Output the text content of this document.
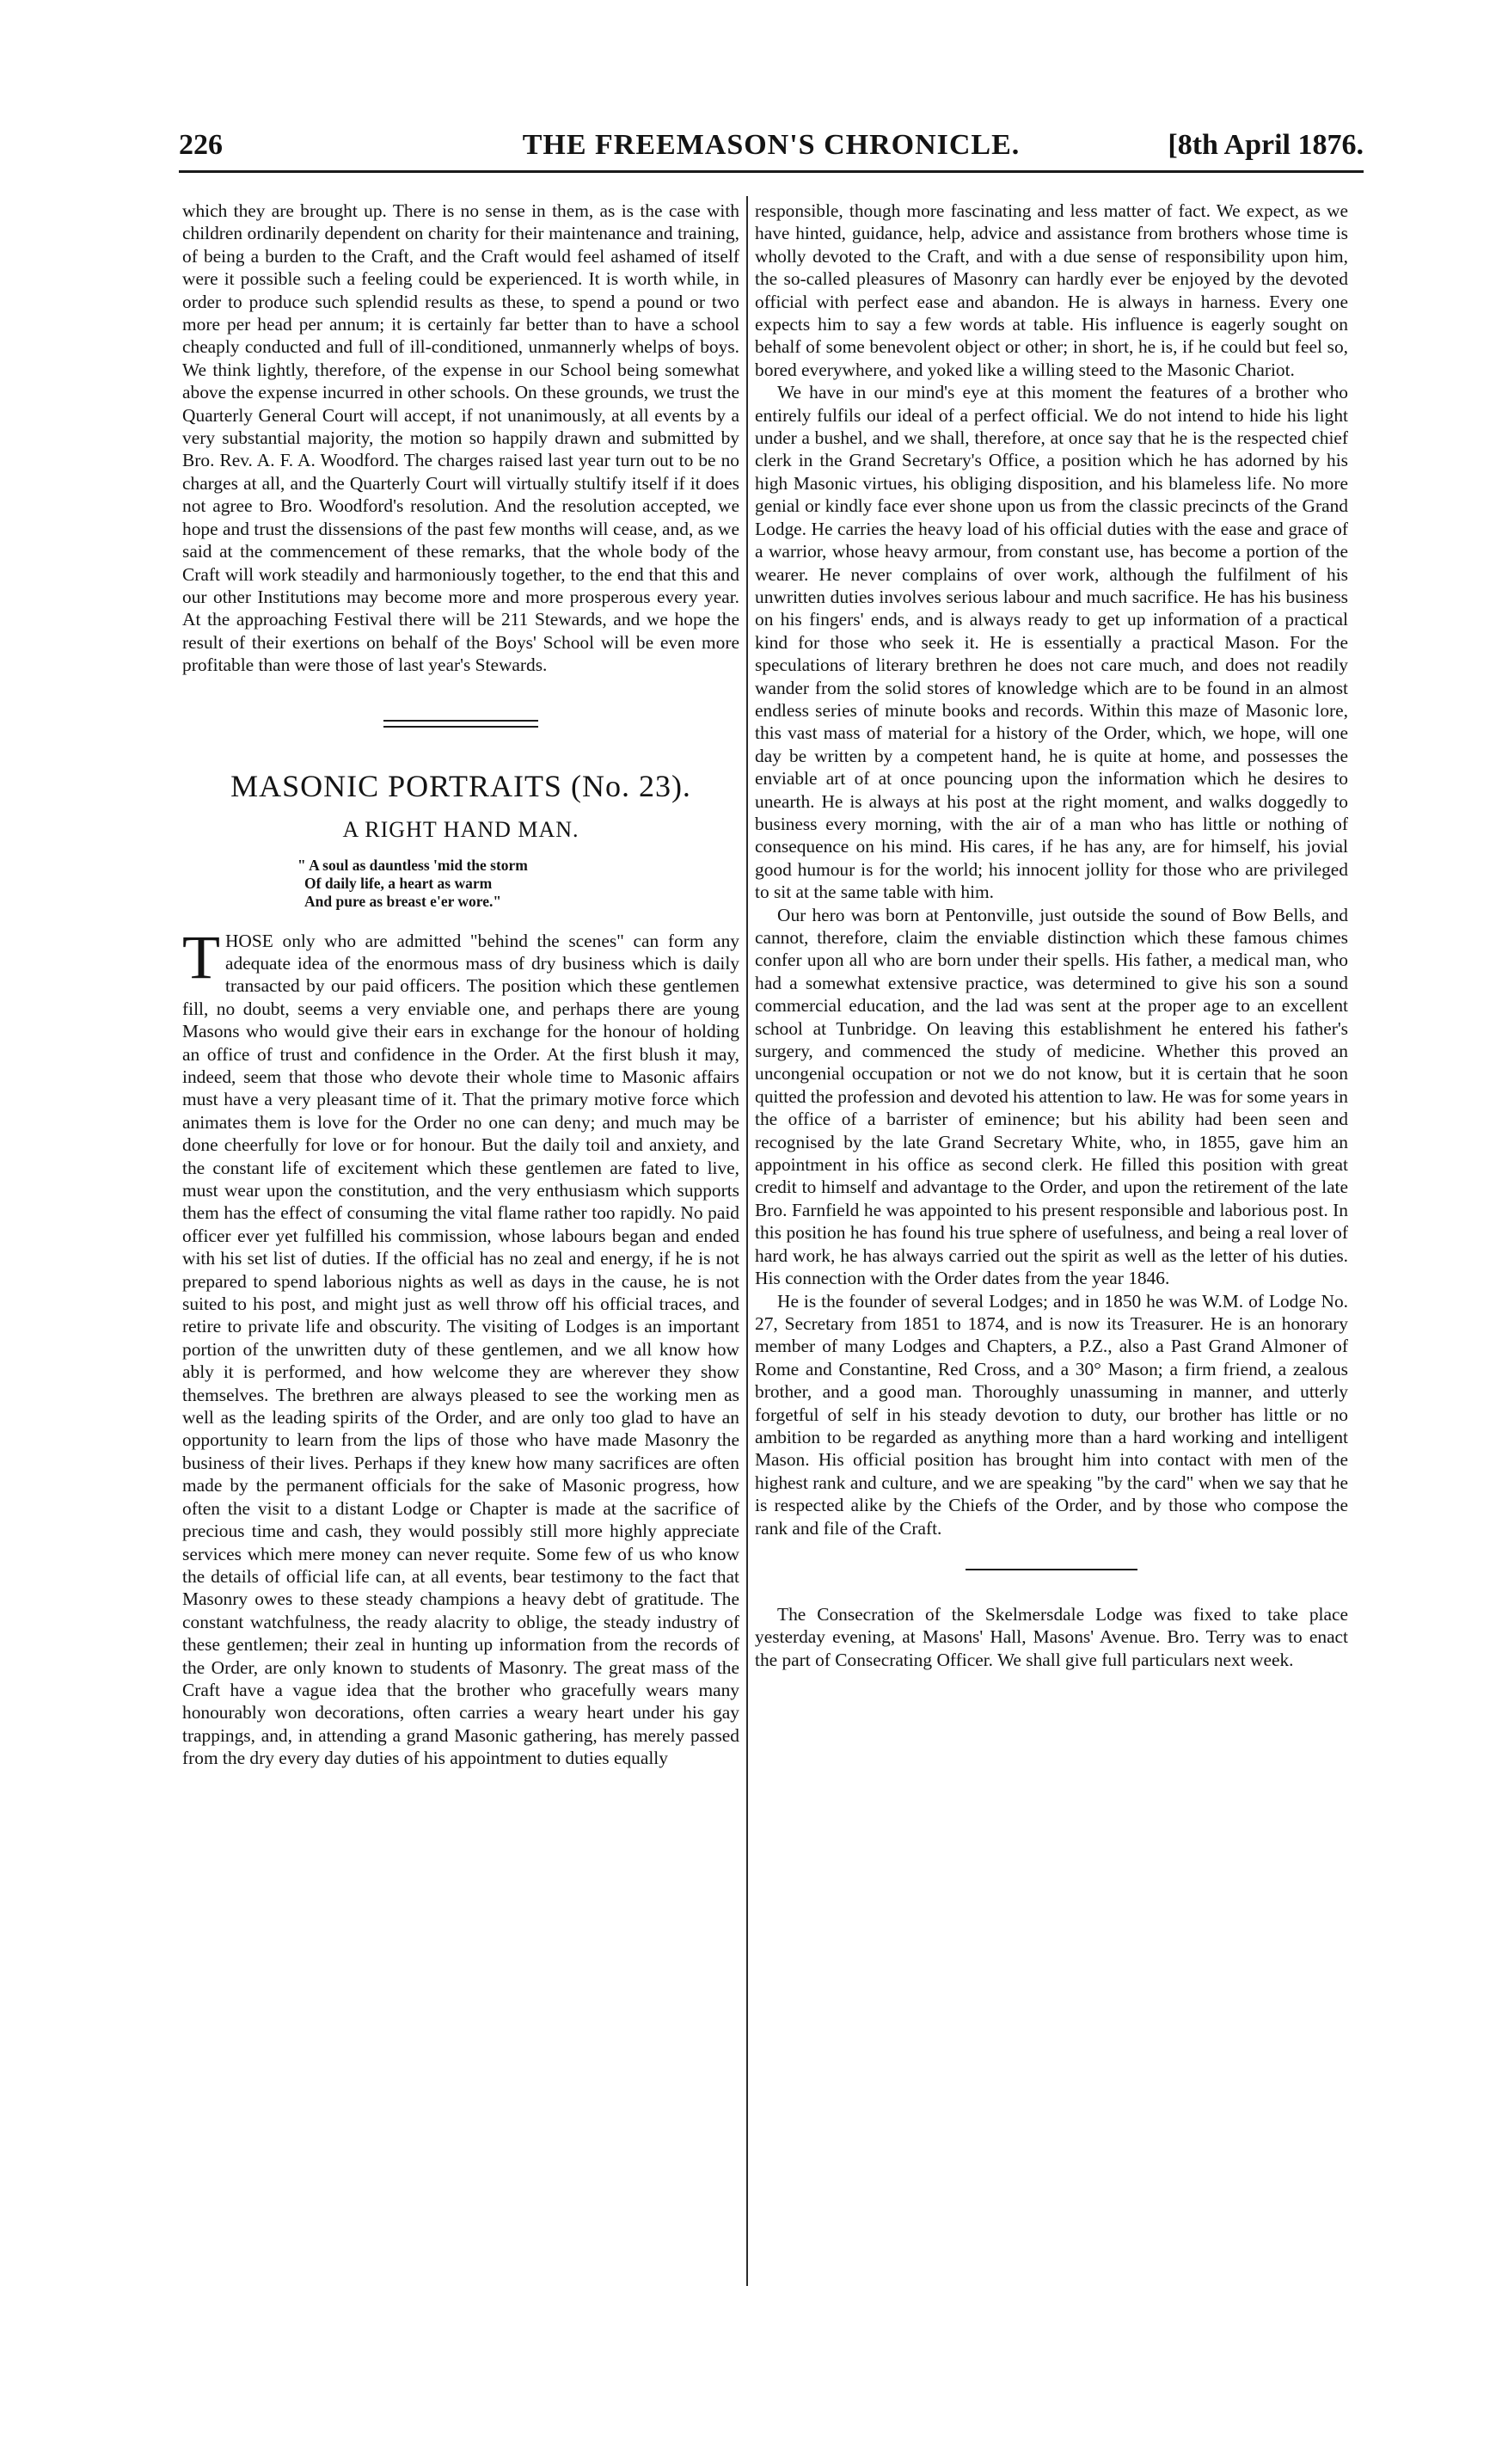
226	THE FREEMASON'S CHRONICLE.	[8th April 1876.

which they are brought up. There is no sense in them, as is the case with children ordinarily dependent on charity for their maintenance and training, of being a burden to the Craft, and the Craft would feel ashamed of itself were it possible such a feeling could be experienced. It is worth while, in order to produce such splendid results as these, to spend a pound or two more per head per annum; it is certainly far better than to have a school cheaply conducted and full of ill-conditioned, unmannerly whelps of boys. We think lightly, therefore, of the expense in our School being somewhat above the expense incurred in other schools. On these grounds, we trust the Quarterly General Court will accept, if not unanimously, at all events by a very substantial majority, the motion so happily drawn and submitted by Bro. Rev. A. F. A. Woodford. The charges raised last year turn out to be no charges at all, and the Quarterly Court will virtually stultify itself if it does not agree to Bro. Woodford's resolution. And the resolution accepted, we hope and trust the dissensions of the past few months will cease, and, as we said at the commencement of these remarks, that the whole body of the Craft will work steadily and harmoniously together, to the end that this and our other Institutions may become more and more prosperous every year. At the approaching Festival there will be 211 Stewards, and we hope the result of their exertions on behalf of the Boys' School will be even more profitable than were those of last year's Stewards.

MASONIC PORTRAITS (No. 23).
A RIGHT HAND MAN.
" A soul as dauntless 'mid the storm
Of daily life, a heart as warm
And pure as breast e'er wore."

THOSE only who are admitted "behind the scenes" can form any adequate idea of the enormous mass of dry business which is daily transacted by our paid officers. The position which these gentlemen fill, no doubt, seems a very enviable one, and perhaps there are young Masons who would give their ears in exchange for the honour of holding an office of trust and confidence in the Order. At the first blush it may, indeed, seem that those who devote their whole time to Masonic affairs must have a very pleasant time of it. That the primary motive force which animates them is love for the Order no one can deny; and much may be done cheerfully for love or for honour. But the daily toil and anxiety, and the constant life of excitement which these gentlemen are fated to live, must wear upon the constitution, and the very enthusiasm which supports them has the effect of consuming the vital flame rather too rapidly. No paid officer ever yet fulfilled his commission, whose labours began and ended with his set list of duties. If the official has no zeal and energy, if he is not prepared to spend laborious nights as well as days in the cause, he is not suited to his post, and might just as well throw off his official traces, and retire to private life and obscurity. The visiting of Lodges is an important portion of the unwritten duty of these gentlemen, and we all know how ably it is performed, and how welcome they are wherever they show themselves. The brethren are always pleased to see the working men as well as the leading spirits of the Order, and are only too glad to have an opportunity to learn from the lips of those who have made Masonry the business of their lives. Perhaps if they knew how many sacrifices are often made by the permanent officials for the sake of Masonic progress, how often the visit to a distant Lodge or Chapter is made at the sacrifice of precious time and cash, they would possibly still more highly appreciate services which mere money can never requite. Some few of us who know the details of official life can, at all events, bear testimony to the fact that Masonry owes to these steady champions a heavy debt of gratitude. The constant watchfulness, the ready alacrity to oblige, the steady industry of these gentlemen; their zeal in hunting up information from the records of the Order, are only known to students of Masonry. The great mass of the Craft have a vague idea that the brother who gracefully wears many honourably won decorations, often carries a weary heart under his gay trappings, and, in attending a grand Masonic gathering, has merely passed from the dry every day duties of his appointment to duties equally

responsible, though more fascinating and less matter of fact. We expect, as we have hinted, guidance, help, advice and assistance from brothers whose time is wholly devoted to the Craft, and with a due sense of responsibility upon him, the so-called pleasures of Masonry can hardly ever be enjoyed by the devoted official with perfect ease and abandon. He is always in harness. Every one expects him to say a few words at table. His influence is eagerly sought on behalf of some benevolent object or other; in short, he is, if he could but feel so, bored everywhere, and yoked like a willing steed to the Masonic Chariot.

We have in our mind's eye at this moment the features of a brother who entirely fulfils our ideal of a perfect official. We do not intend to hide his light under a bushel, and we shall, therefore, at once say that he is the respected chief clerk in the Grand Secretary's Office, a position which he has adorned by his high Masonic virtues, his obliging disposition, and his blameless life. No more genial or kindly face ever shone upon us from the classic precincts of the Grand Lodge. He carries the heavy load of his official duties with the ease and grace of a warrior, whose heavy armour, from constant use, has become a portion of the wearer. He never complains of over work, although the fulfilment of his unwritten duties involves serious labour and much sacrifice. He has his business on his fingers' ends, and is always ready to get up information of a practical kind for those who seek it. He is essentially a practical Mason. For the speculations of literary brethren he does not care much, and does not readily wander from the solid stores of knowledge which are to be found in an almost endless series of minute books and records. Within this maze of Masonic lore, this vast mass of material for a history of the Order, which, we hope, will one day be written by a competent hand, he is quite at home, and possesses the enviable art of at once pouncing upon the information which he desires to unearth. He is always at his post at the right moment, and walks doggedly to business every morning, with the air of a man who has little or nothing of consequence on his mind. His cares, if he has any, are for himself, his jovial good humour is for the world; his innocent jollity for those who are privileged to sit at the same table with him.

Our hero was born at Pentonville, just outside the sound of Bow Bells, and cannot, therefore, claim the enviable distinction which these famous chimes confer upon all who are born under their spells. His father, a medical man, who had a somewhat extensive practice, was determined to give his son a sound commercial education, and the lad was sent at the proper age to an excellent school at Tunbridge. On leaving this establishment he entered his father's surgery, and commenced the study of medicine. Whether this proved an uncongenial occupation or not we do not know, but it is certain that he soon quitted the profession and devoted his attention to law. He was for some years in the office of a barrister of eminence; but his ability had been seen and recognised by the late Grand Secretary White, who, in 1855, gave him an appointment in his office as second clerk. He filled this position with great credit to himself and advantage to the Order, and upon the retirement of the late Bro. Farnfield he was appointed to his present responsible and laborious post. In this position he has found his true sphere of usefulness, and being a real lover of hard work, he has always carried out the spirit as well as the letter of his duties. His connection with the Order dates from the year 1846.

He is the founder of several Lodges; and in 1850 he was W.M. of Lodge No. 27, Secretary from 1851 to 1874, and is now its Treasurer. He is an honorary member of many Lodges and Chapters, a P.Z., also a Past Grand Almoner of Rome and Constantine, Red Cross, and a 30° Mason; a firm friend, a zealous brother, and a good man. Thoroughly unassuming in manner, and utterly forgetful of self in his steady devotion to duty, our brother has little or no ambition to be regarded as anything more than a hard working and intelligent Mason. His official position has brought him into contact with men of the highest rank and culture, and we are speaking "by the card" when we say that he is respected alike by the Chiefs of the Order, and by those who compose the rank and file of the Craft.

The Consecration of the Skelmersdale Lodge was fixed to take place yesterday evening, at Masons' Hall, Masons' Avenue. Bro. Terry was to enact the part of Consecrating Officer. We shall give full particulars next week.
